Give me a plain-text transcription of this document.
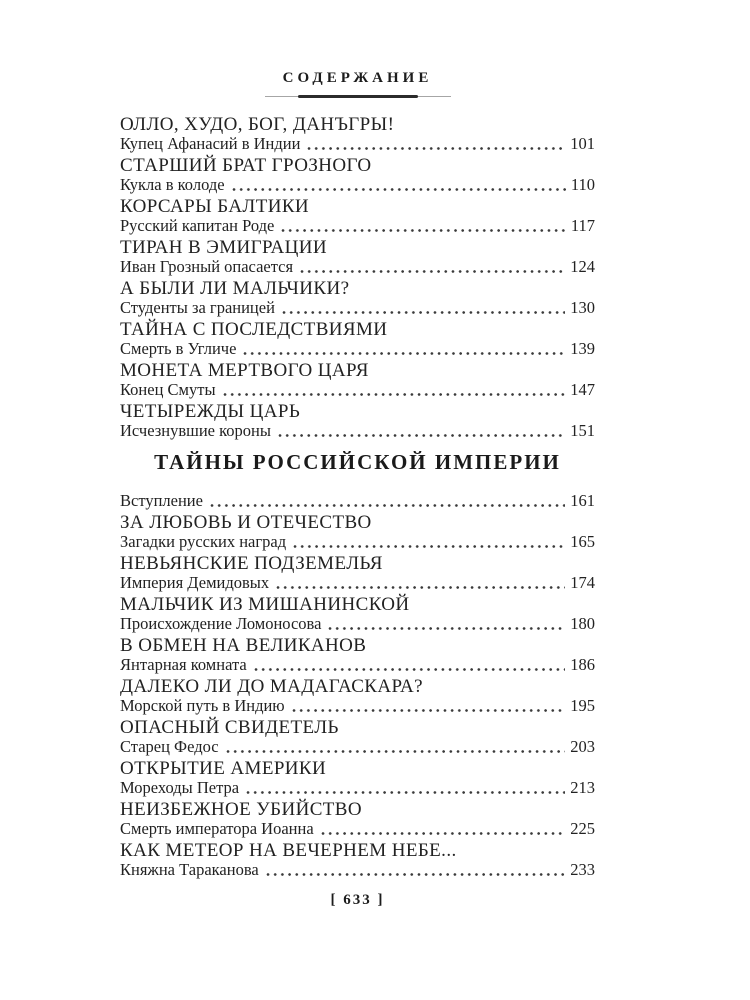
СОДЕРЖАНИЕ
ОЛЛО, ХУДО, БОГ, ДАНЪГРЫ!
Купец Афанасий в Индии	101
СТАРШИЙ БРАТ ГРОЗНОГО
Кукла в колоде	110
КОРСАРЫ БАЛТИКИ
Русский капитан Роде	117
ТИРАН В ЭМИГРАЦИИ
Иван Грозный опасается	124
А БЫЛИ ЛИ МАЛЬЧИКИ?
Студенты за границей	130
ТАЙНА С ПОСЛЕДСТВИЯМИ
Смерть в Угличе	139
МОНЕТА МЕРТВОГО ЦАРЯ
Конец Смуты	147
ЧЕТЫРЕЖДЫ ЦАРЬ
Исчезнувшие короны	151
ТАЙНЫ РОССИЙСКОЙ ИМПЕРИИ
Вступление	161
ЗА ЛЮБОВЬ И ОТЕЧЕСТВО
Загадки русских наград	165
НЕВЬЯНСКИЕ ПОДЗЕМЕЛЬЯ
Империя Демидовых	174
МАЛЬЧИК ИЗ МИШАНИНСКОЙ
Происхождение Ломоносова	180
В ОБМЕН НА ВЕЛИКАНОВ
Янтарная комната	186
ДАЛЕКО ЛИ ДО МАДАГАСКАРА?
Морской путь в Индию	195
ОПАСНЫЙ СВИДЕТЕЛЬ
Старец Федос	203
ОТКРЫТИЕ АМЕРИКИ
Мореходы Петра	213
НЕИЗБЕЖНОЕ УБИЙСТВО
Смерть императора Иоанна	225
КАК МЕТЕОР НА ВЕЧЕРНЕМ НЕБЕ...
Княжна Тараканова	233
[ 633 ]
